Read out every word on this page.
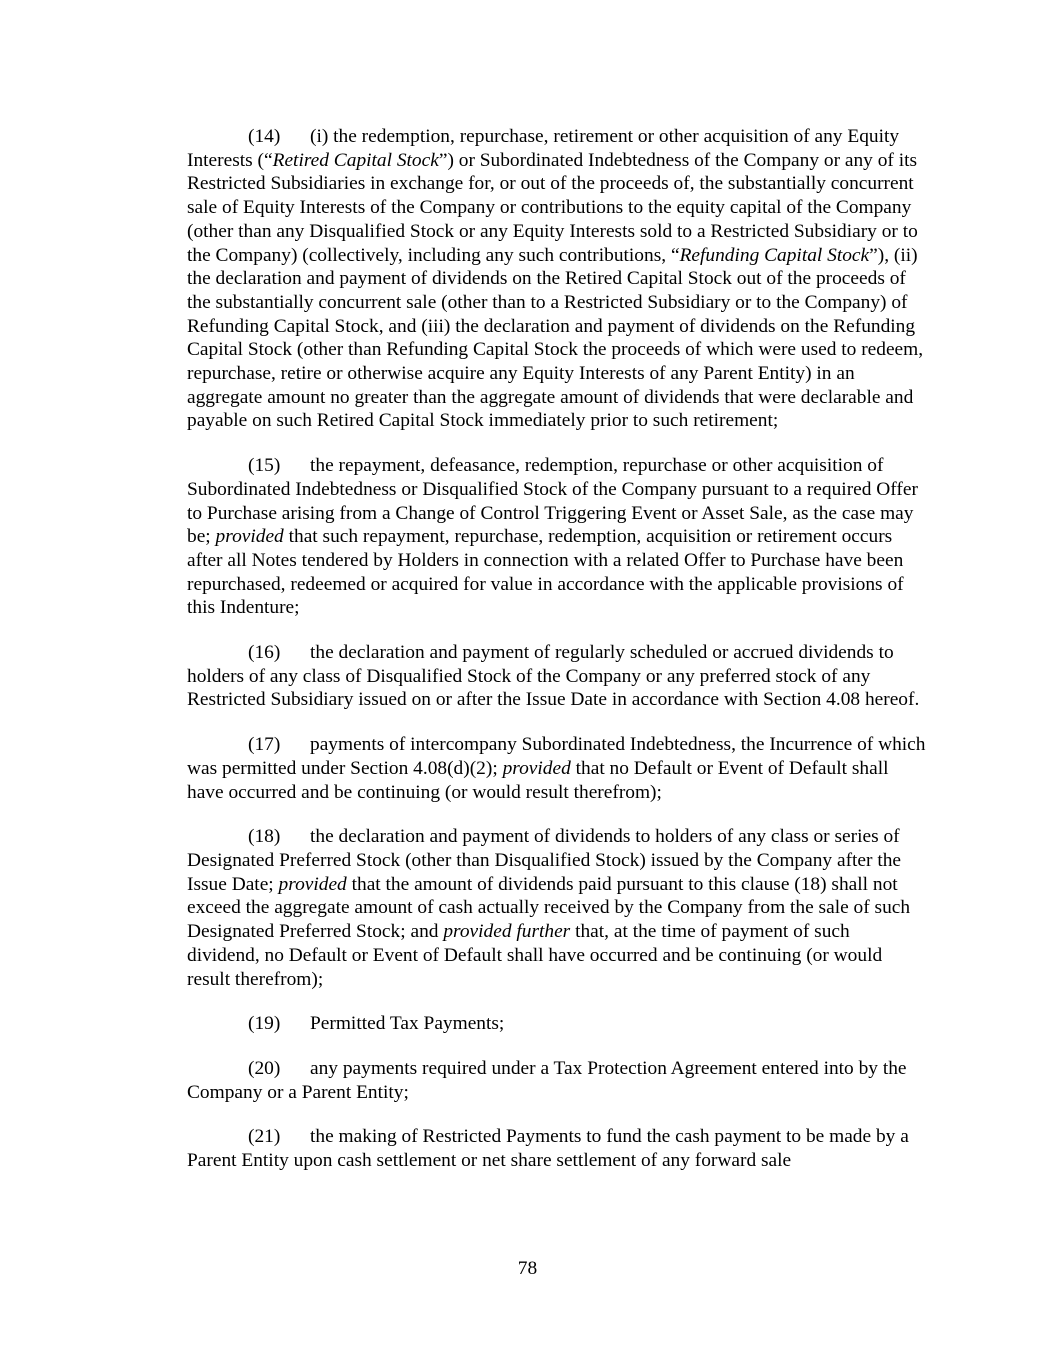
(14) (i) the redemption, repurchase, retirement or other acquisition of any Equity Interests (“Retired Capital Stock”) or Subordinated Indebtedness of the Company or any of its Restricted Subsidiaries in exchange for, or out of the proceeds of, the substantially concurrent sale of Equity Interests of the Company or contributions to the equity capital of the Company (other than any Disqualified Stock or any Equity Interests sold to a Restricted Subsidiary or to the Company) (collectively, including any such contributions, “Refunding Capital Stock”), (ii) the declaration and payment of dividends on the Retired Capital Stock out of the proceeds of the substantially concurrent sale (other than to a Restricted Subsidiary or to the Company) of Refunding Capital Stock, and (iii) the declaration and payment of dividends on the Refunding Capital Stock (other than Refunding Capital Stock the proceeds of which were used to redeem, repurchase, retire or otherwise acquire any Equity Interests of any Parent Entity) in an aggregate amount no greater than the aggregate amount of dividends that were declarable and payable on such Retired Capital Stock immediately prior to such retirement;

(15) the repayment, defeasance, redemption, repurchase or other acquisition of Subordinated Indebtedness or Disqualified Stock of the Company pursuant to a required Offer to Purchase arising from a Change of Control Triggering Event or Asset Sale, as the case may be; provided that such repayment, repurchase, redemption, acquisition or retirement occurs after all Notes tendered by Holders in connection with a related Offer to Purchase have been repurchased, redeemed or acquired for value in accordance with the applicable provisions of this Indenture;

(16) the declaration and payment of regularly scheduled or accrued dividends to holders of any class of Disqualified Stock of the Company or any preferred stock of any Restricted Subsidiary issued on or after the Issue Date in accordance with Section 4.08 hereof.

(17) payments of intercompany Subordinated Indebtedness, the Incurrence of which was permitted under Section 4.08(d)(2); provided that no Default or Event of Default shall have occurred and be continuing (or would result therefrom);

(18) the declaration and payment of dividends to holders of any class or series of Designated Preferred Stock (other than Disqualified Stock) issued by the Company after the Issue Date; provided that the amount of dividends paid pursuant to this clause (18) shall not exceed the aggregate amount of cash actually received by the Company from the sale of such Designated Preferred Stock; and provided further that, at the time of payment of such dividend, no Default or Event of Default shall have occurred and be continuing (or would result therefrom);

(19) Permitted Tax Payments;

(20) any payments required under a Tax Protection Agreement entered into by the Company or a Parent Entity;

(21) the making of Restricted Payments to fund the cash payment to be made by a Parent Entity upon cash settlement or net share settlement of any forward sale

78
